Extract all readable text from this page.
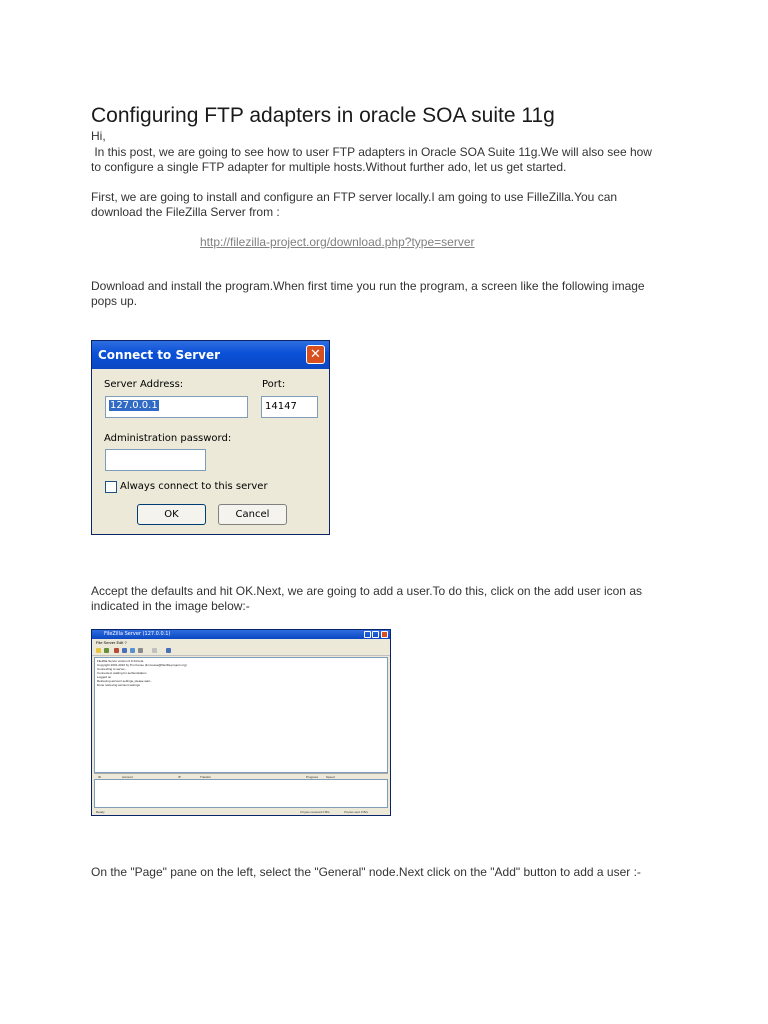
Configuring FTP adapters in oracle SOA suite 11g

Hi,

In this post, we are going to see how to user FTP adapters in Oracle SOA Suite 11g.We will also see how

to configure a single FTP adapter for multiple hosts.Without further ado, let us get started.

First, we are going to install and configure an FTP server locally.I am going to use FilleZilla.You can

download the FileZilla Server from :

http://filezilla-project.org/download.php?type=server

Download and install the program.When first time you run the program, a screen like the following image

pops up.

Connect to Server	✕
Server Address:
127.0.0.1
Port:
14147
Administration password:
Always connect to this server
OK	Cancel

Accept the defaults and hit OK.Next, we are going to add a user.To do this, click on the add user icon as

indicated in the image below:-

FileZilla Server (127.0.0.1)
File Server Edit ?
FileZilla Server version 0.9.34 beta
Copyright 2001-2010 by Tim Kosse (tim.kosse@filezilla-project.org)
Connecting to server...
Connected, waiting for authentication
Logged on
Retrieving account settings, please wait...
Done retrieving account settings
ID	Account	IP	Transfer	Progress	Speed
Ready	0 bytes received 0 B/s	0 bytes sent 0 B/s

On the "Page" pane on the left, select the "General" node.Next click on the "Add" button to add a user :-
